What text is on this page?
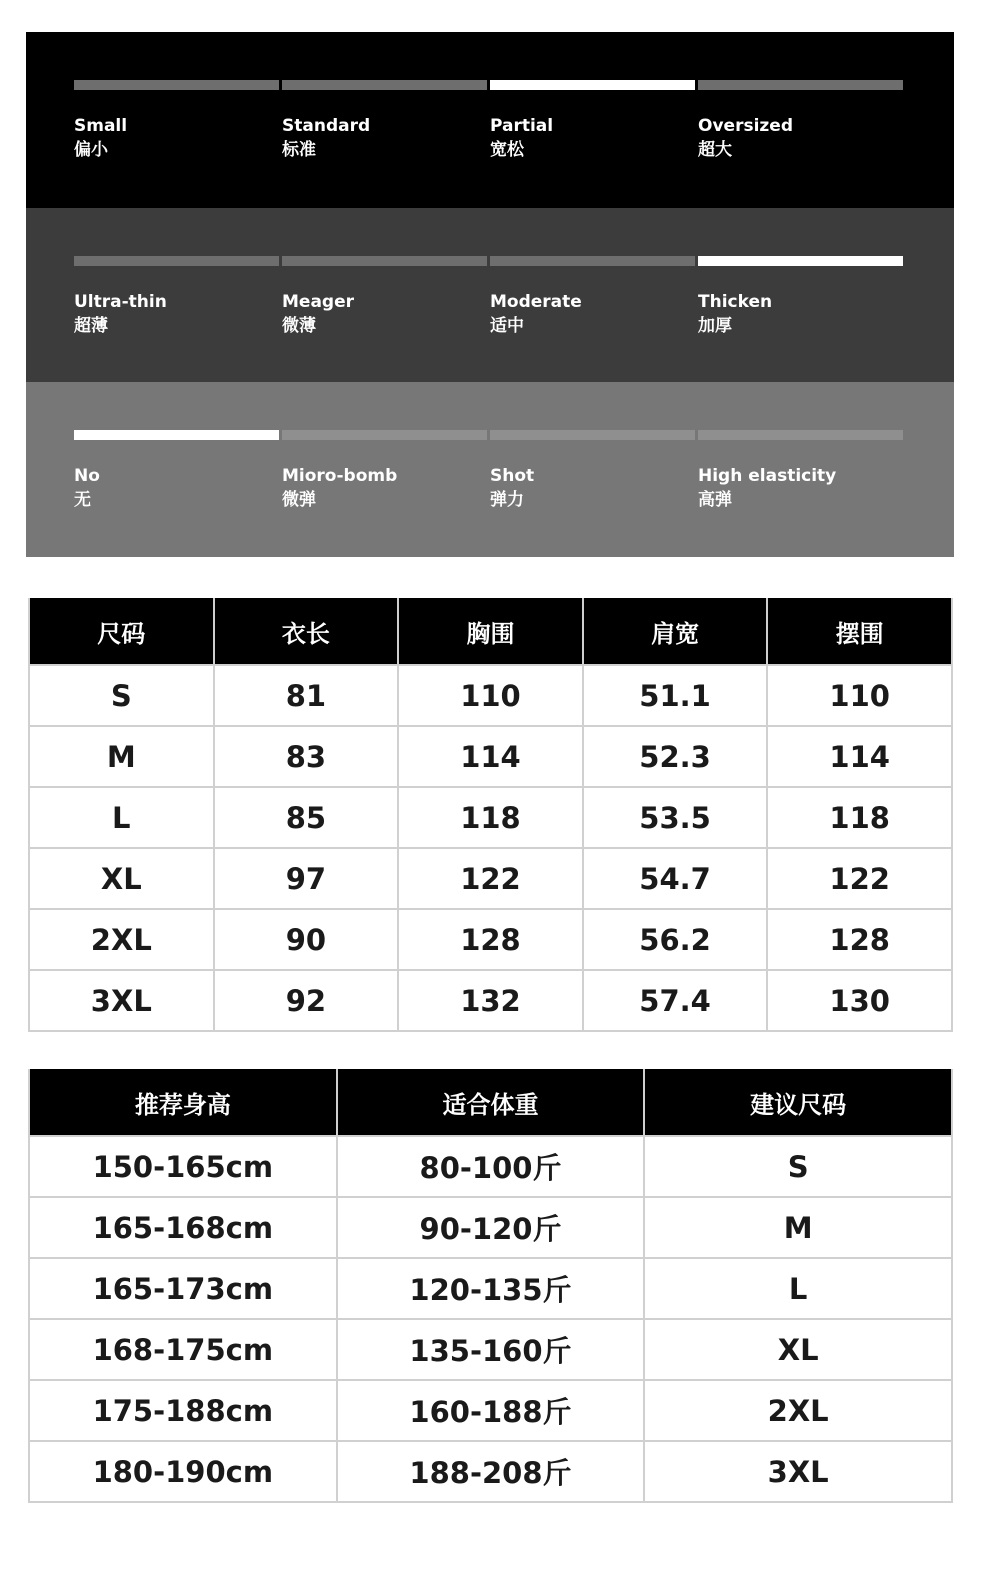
Small
偏小
Standard
标准
Partial
宽松
Oversized
超大
Ultra-thin
超薄
Meager
微薄
Moderate
适中
Thicken
加厚
No
无
Mioro-bomb
微弹
Shot
弹力
High elasticity
高弹
尺码	衣长	胸围	肩宽	摆围
S	81	110	51.1	110
M	83	114	52.3	114
L	85	118	53.5	118
XL	97	122	54.7	122
2XL	90	128	56.2	128
3XL	92	132	57.4	130
推荐身高	适合体重	建议尺码
150-165cm	80-100斤	S
165-168cm	90-120斤	M
165-173cm	120-135斤	L
168-175cm	135-160斤	XL
175-188cm	160-188斤	2XL
180-190cm	188-208斤	3XL
